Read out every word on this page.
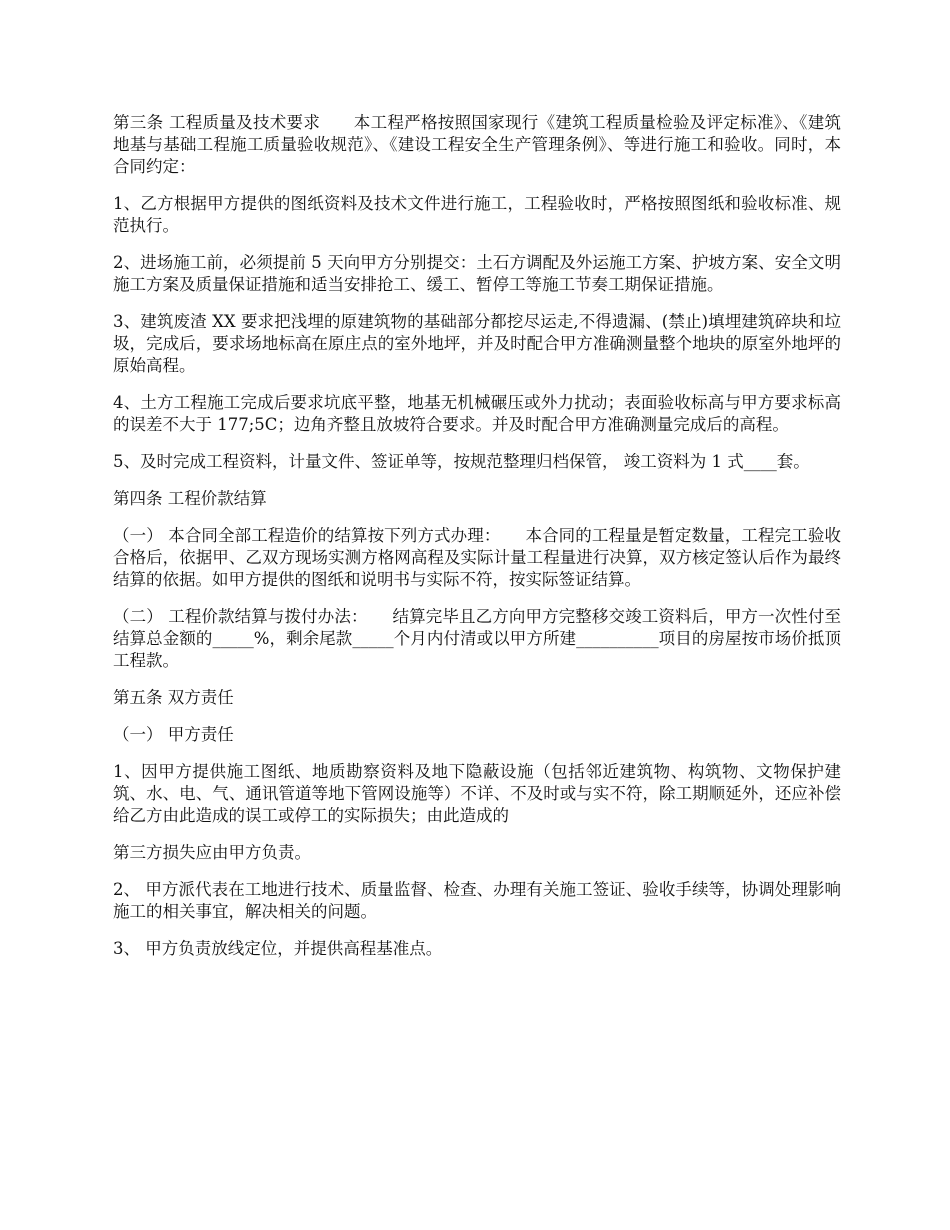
第三条 工程质量及技术要求　　本工程严格按照国家现行《建筑工程质量检验及评定标准》、《建筑地基与基础工程施工质量验收规范》、《建设工程安全生产管理条例》、等进行施工和验收。同时，本合同约定：

1、乙方根据甲方提供的图纸资料及技术文件进行施工，工程验收时，严格按照图纸和验收标准、规范执行。

2、进场施工前，必须提前 5 天向甲方分别提交：土石方调配及外运施工方案、护坡方案、安全文明施工方案及质量保证措施和适当安排抢工、缓工、暂停工等施工节奏工期保证措施。

3、建筑废渣 XX 要求把浅埋的原建筑物的基础部分都挖尽运走,不得遗漏、(禁止)填埋建筑碎块和垃圾，完成后，要求场地标高在原庄点的室外地坪，并及时配合甲方准确测量整个地块的原室外地坪的原始高程。

4、土方工程施工完成后要求坑底平整，地基无机械碾压或外力扰动；表面验收标高与甲方要求标高的误差不大于 177;5C；边角齐整且放坡符合要求。并及时配合甲方准确测量完成后的高程。

5、及时完成工程资料，计量文件、签证单等，按规范整理归档保管， 竣工资料为 1 式____套。

第四条 工程价款结算

（一） 本合同全部工程造价的结算按下列方式办理：　　本合同的工程量是暂定数量，工程完工验收合格后，依据甲、乙双方现场实测方格网高程及实际计量工程量进行决算，双方核定签认后作为最终结算的依据。如甲方提供的图纸和说明书与实际不符，按实际签证结算。

（二） 工程价款结算与拨付办法：　　结算完毕且乙方向甲方完整移交竣工资料后，甲方一次性付至结算总金额的_____%，剩余尾款_____个月内付清或以甲方所建__________项目的房屋按市场价抵顶工程款。

第五条 双方责任

（一） 甲方责任

1、因甲方提供施工图纸、地质勘察资料及地下隐蔽设施（包括邻近建筑物、构筑物、文物保护建筑、水、电、气、通讯管道等地下管网设施等）不详、不及时或与实不符，除工期顺延外，还应补偿给乙方由此造成的误工或停工的实际损失；由此造成的

第三方损失应由甲方负责。

2、 甲方派代表在工地进行技术、质量监督、检查、办理有关施工签证、验收手续等，协调处理影响施工的相关事宜，解决相关的问题。

3、 甲方负责放线定位，并提供高程基准点。
